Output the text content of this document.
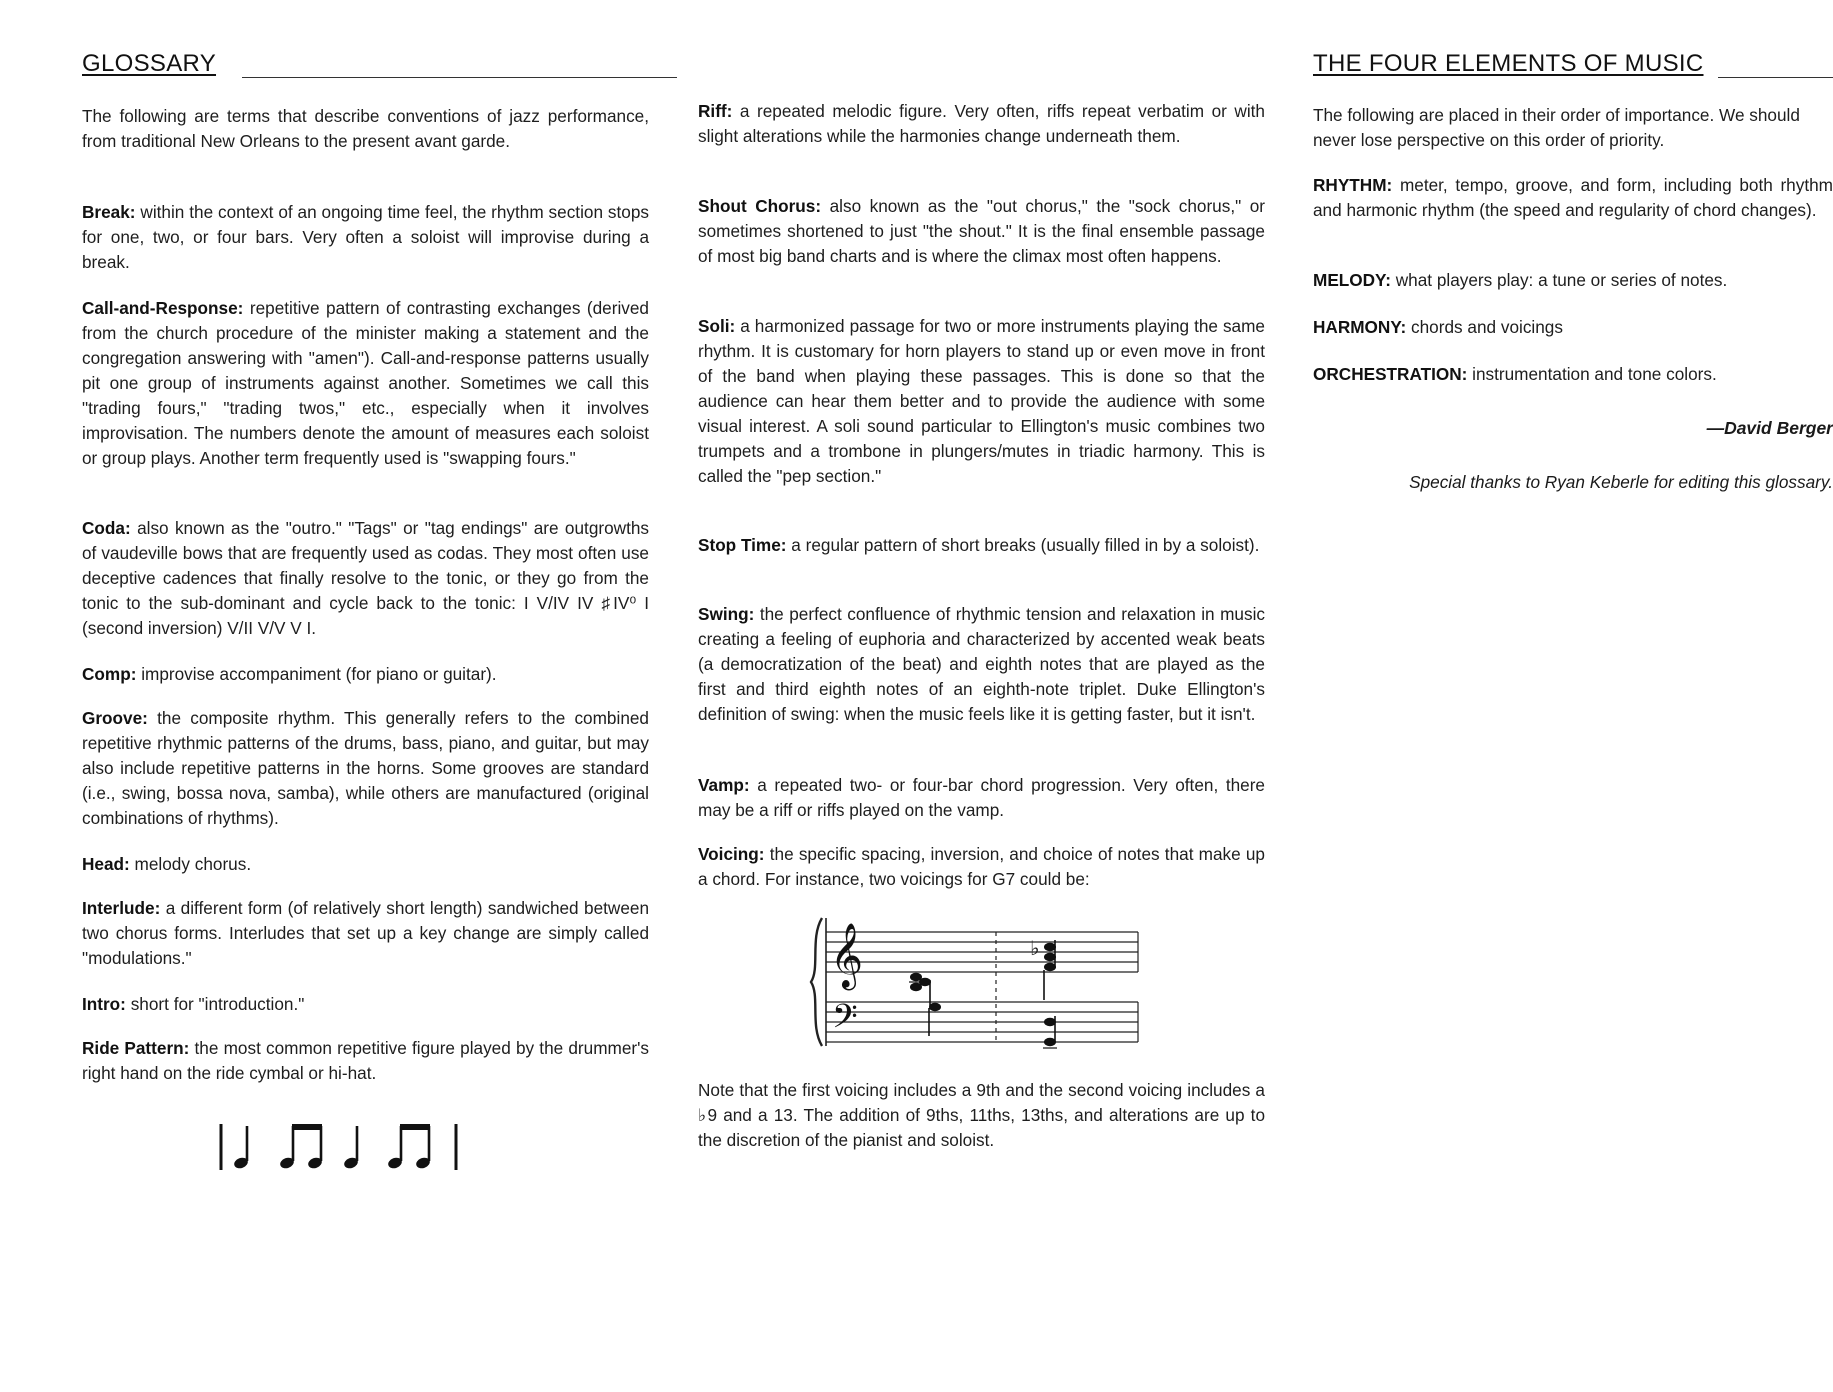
GLOSSARY
The following are terms that describe conventions of jazz performance, from traditional New Orleans to the present avant garde.
Break: within the context of an ongoing time feel, the rhythm section stops for one, two, or four bars. Very often a soloist will improvise during a break.
Call-and-Response: repetitive pattern of contrasting exchanges (derived from the church procedure of the minister making a statement and the congregation answering with "amen"). Call-and-response patterns usually pit one group of instruments against another. Sometimes we call this "trading fours," "trading twos," etc., especially when it involves improvisation. The numbers denote the amount of measures each soloist or group plays. Another term frequently used is "swapping fours."
Coda: also known as the "outro." "Tags" or "tag endings" are outgrowths of vaudeville bows that are frequently used as codas. They most often use deceptive cadences that finally resolve to the tonic, or they go from the tonic to the sub-dominant and cycle back to the tonic: I V/IV IV ♯IV⁰ I (second inversion) V/II V/V V I.
Comp: improvise accompaniment (for piano or guitar).
Groove: the composite rhythm. This generally refers to the combined repetitive rhythmic patterns of the drums, bass, piano, and guitar, but may also include repetitive patterns in the horns. Some grooves are standard (i.e., swing, bossa nova, samba), while others are manufactured (original combinations of rhythms).
Head: melody chorus.
Interlude: a different form (of relatively short length) sandwiched between two chorus forms. Interludes that set up a key change are simply called "modulations."
Intro: short for "introduction."
Ride Pattern: the most common repetitive figure played by the drummer's right hand on the ride cymbal or hi-hat.
Riff: a repeated melodic figure. Very often, riffs repeat verbatim or with slight alterations while the harmonies change underneath them.
Shout Chorus: also known as the "out chorus," the "sock chorus," or sometimes shortened to just "the shout." It is the final ensemble passage of most big band charts and is where the climax most often happens.
Soli: a harmonized passage for two or more instruments playing the same rhythm. It is customary for horn players to stand up or even move in front of the band when playing these passages. This is done so that the audience can hear them better and to provide the audience with some visual interest. A soli sound particular to Ellington's music combines two trumpets and a trombone in plungers/mutes in triadic harmony. This is called the "pep section."
Stop Time: a regular pattern of short breaks (usually filled in by a soloist).
Swing: the perfect confluence of rhythmic tension and relaxation in music creating a feeling of euphoria and characterized by accented weak beats (a democratization of the beat) and eighth notes that are played as the first and third eighth notes of an eighth-note triplet. Duke Ellington's definition of swing: when the music feels like it is getting faster, but it isn't.
Vamp: a repeated two- or four-bar chord progression. Very often, there may be a riff or riffs played on the vamp.
Voicing: the specific spacing, inversion, and choice of notes that make up a chord. For instance, two voicings for G7 could be:
𝄞
𝄢
♭
Note that the first voicing includes a 9th and the second voicing includes a ♭9 and a 13. The addition of 9ths, 11ths, 13ths, and alterations are up to the discretion of the pianist and soloist.
THE FOUR ELEMENTS OF MUSIC
The following are placed in their order of importance. We should never lose perspective on this order of priority.
RHYTHM: meter, tempo, groove, and form, including both rhythm and harmonic rhythm (the speed and regularity of chord changes).
MELODY: what players play: a tune or series of notes.
HARMONY: chords and voicings
ORCHESTRATION: instrumentation and tone colors.
—David Berger
Special thanks to Ryan Keberle for editing this glossary.
